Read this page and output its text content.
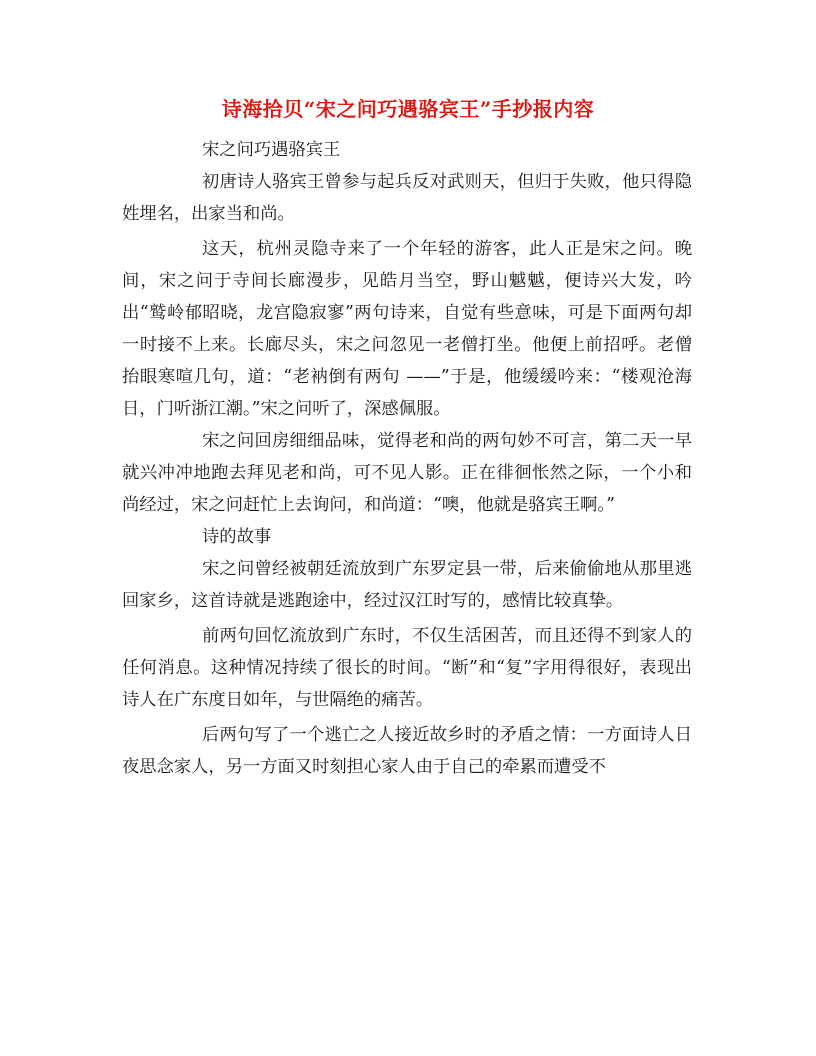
诗海拾贝“宋之问巧遇骆宾王”手抄报内容

宋之问巧遇骆宾王

初唐诗人骆宾王曾参与起兵反对武则天，但归于失败，他只得隐姓埋名，出家当和尚。

这天，杭州灵隐寺来了一个年轻的游客，此人正是宋之问。晚间，宋之问于寺间长廊漫步，见皓月当空，野山魆魆，便诗兴大发，吟出“鹫岭郁昭晓，龙宫隐寂寥”两句诗来，自觉有些意味，可是下面两句却一时接不上来。长廊尽头，宋之问忽见一老僧打坐。他便上前招呼。老僧抬眼寒喧几句，道：“老衲倒有两句 ——”于是，他缓缓吟来：“楼观沧海日，门听浙江潮。”宋之问听了，深感佩服。

宋之问回房细细品味，觉得老和尚的两句妙不可言，第二天一早就兴冲冲地跑去拜见老和尚，可不见人影。正在徘徊怅然之际，一个小和尚经过，宋之问赶忙上去询问，和尚道：“噢，他就是骆宾王啊。”

诗的故事

宋之问曾经被朝廷流放到广东罗定县一带，后来偷偷地从那里逃回家乡，这首诗就是逃跑途中，经过汉江时写的，感情比较真挚。

前两句回忆流放到广东时，不仅生活困苦，而且还得不到家人的任何消息。这种情况持续了很长的时间。“断”和“复”字用得很好，表现出诗人在广东度日如年，与世隔绝的痛苦。

后两句写了一个逃亡之人接近故乡时的矛盾之情：一方面诗人日夜思念家人，另一方面又时刻担心家人由于自己的牵累而遭受不
